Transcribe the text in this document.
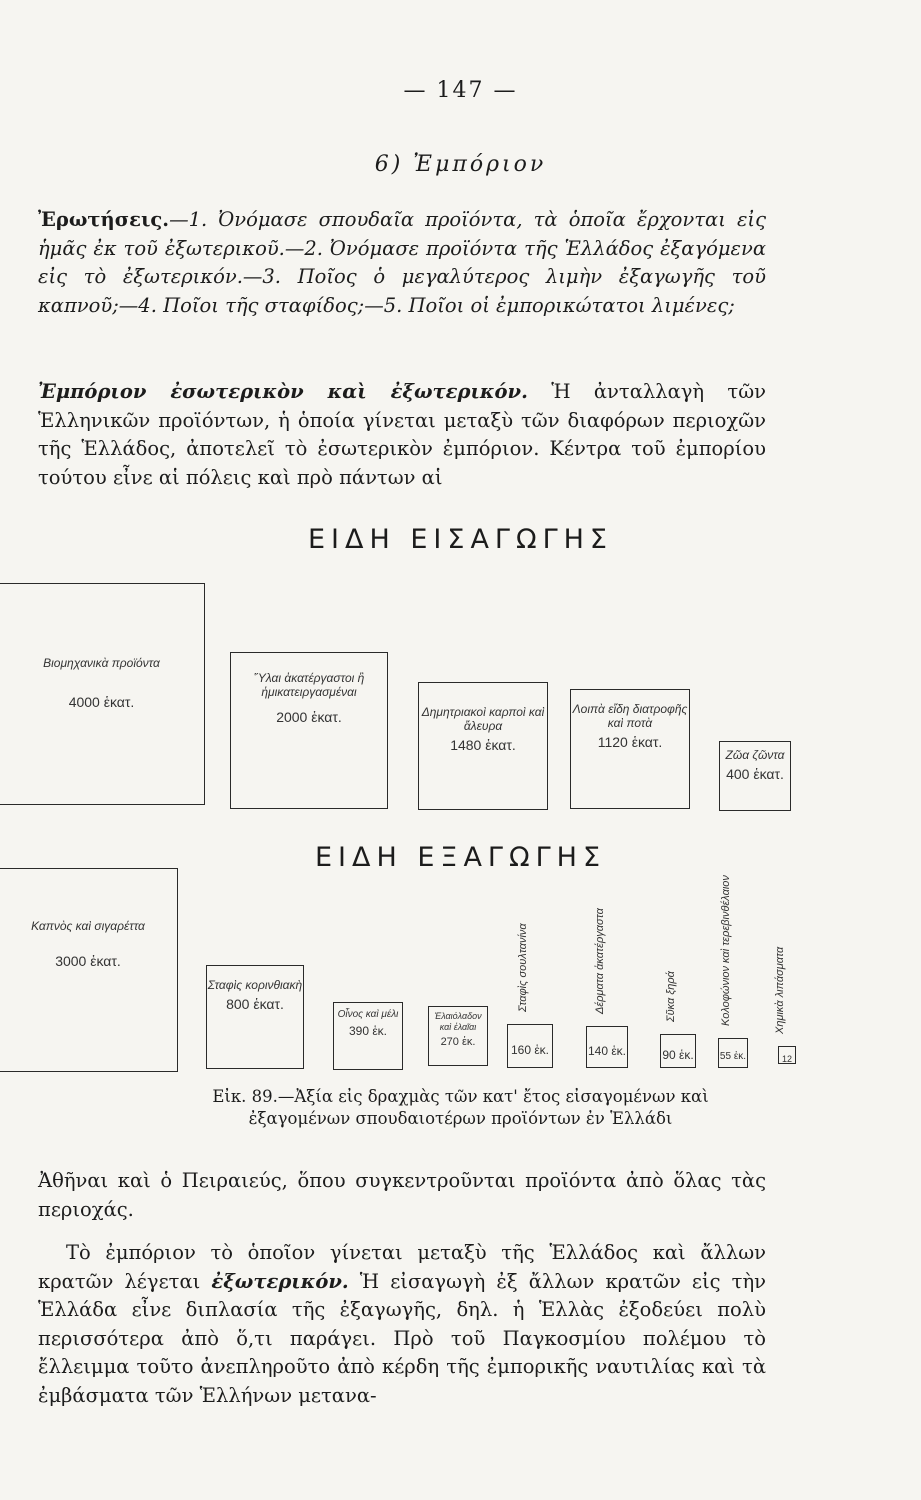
— 147 —
6) Ἐμπόριον

Ἐρωτήσεις.—1. Ὀνόμασε σπουδαῖα προϊόντα, τὰ ὁποῖα ἔρχονται εἰς ἡμᾶς ἐκ τοῦ ἐξωτερικοῦ.—2. Ὀνόμασε προϊόντα τῆς Ἑλλάδος ἐξαγόμενα εἰς τὸ ἐξωτερικόν.—3. Ποῖος ὁ μεγαλύτερος λιμὴν ἐξαγωγῆς τοῦ καπνοῦ;—4. Ποῖοι τῆς σταφίδος;—5. Ποῖοι οἱ ἐμπορικώτατοι λιμένες;

Ἐμπόριον ἐσωτερικὸν καὶ ἐξωτερικόν. Ἡ ἀνταλλαγὴ τῶν Ἑλληνικῶν προϊόντων, ἡ ὁποία γίνεται μεταξὺ τῶν διαφόρων περιοχῶν τῆς Ἑλλάδος, ἀποτελεῖ τὸ ἐσωτερικὸν ἐμπόριον. Κέντρα τοῦ ἐμπορίου τούτου εἶνε αἱ πόλεις καὶ πρὸ πάντων αἱ

ΕΙΔΗ ΕΙΣΑΓΩΓΗΣ
Βιομηχανικὰ προϊόντα
4000 ἑκατ.
Ὕλαι ἀκατέργαστοι ἢ ἡμικατειργασμέναι
2000 ἑκατ.	Δημητριακοὶ καρποὶ καὶ ἄλευρα
1480 ἑκατ.
Λοιπὰ εἴδη διατροφῆς καὶ ποτὰ
1120 ἑκατ.
Ζῶα ζῶντα
400 ἑκατ.
ΕΙΔΗ ΕΞΑΓΩΓΗΣ
Καπνὸς καὶ σιγαρέττα
3000 ἑκατ.
Σταφὶς κορινθιακὴ
800 ἑκατ.
Οἶνος καὶ μέλι
390 ἑκ.
Ἐλαιόλαδον καὶ ἐλαῖαι
270 ἑκ.
Σταφὶς σουλτανίνα
160 ἑκ.
Δέρματα ἀκατέργαστα
140 ἑκ.
Σῦκα ξηρά
90 ἑκ.
Κολοφώνιον καὶ τερεβινθέλαιον
55 ἑκ.
Χημικὰ λιπάσματα
12
Εἰκ. 89.—Ἀξία εἰς δραχμὰς τῶν κατ' ἔτος εἰσαγομένων καὶ
ἐξαγομένων σπουδαιοτέρων προϊόντων ἐν Ἑλλάδι

Ἀθῆναι καὶ ὁ Πειραιεύς, ὅπου συγκεντροῦνται προϊόντα ἀπὸ ὅλας τὰς περιοχάς.

Τὸ ἐμπόριον τὸ ὁποῖον γίνεται μεταξὺ τῆς Ἑλλάδος καὶ ἄλλων κρατῶν λέγεται ἐξωτερικόν. Ἡ εἰσαγωγὴ ἐξ ἄλλων κρατῶν εἰς τὴν Ἑλλάδα εἶνε διπλασία τῆς ἐξαγωγῆς, δηλ. ἡ Ἑλλὰς ἐξοδεύει πολὺ περισσότερα ἀπὸ ὅ,τι παράγει. Πρὸ τοῦ Παγκοσμίου πολέμου τὸ ἔλλειμμα τοῦτο ἀνεπληροῦτο ἀπὸ κέρδη τῆς ἐμπορικῆς ναυτιλίας καὶ τὰ ἐμβάσματα τῶν Ἑλλήνων μετανα-
